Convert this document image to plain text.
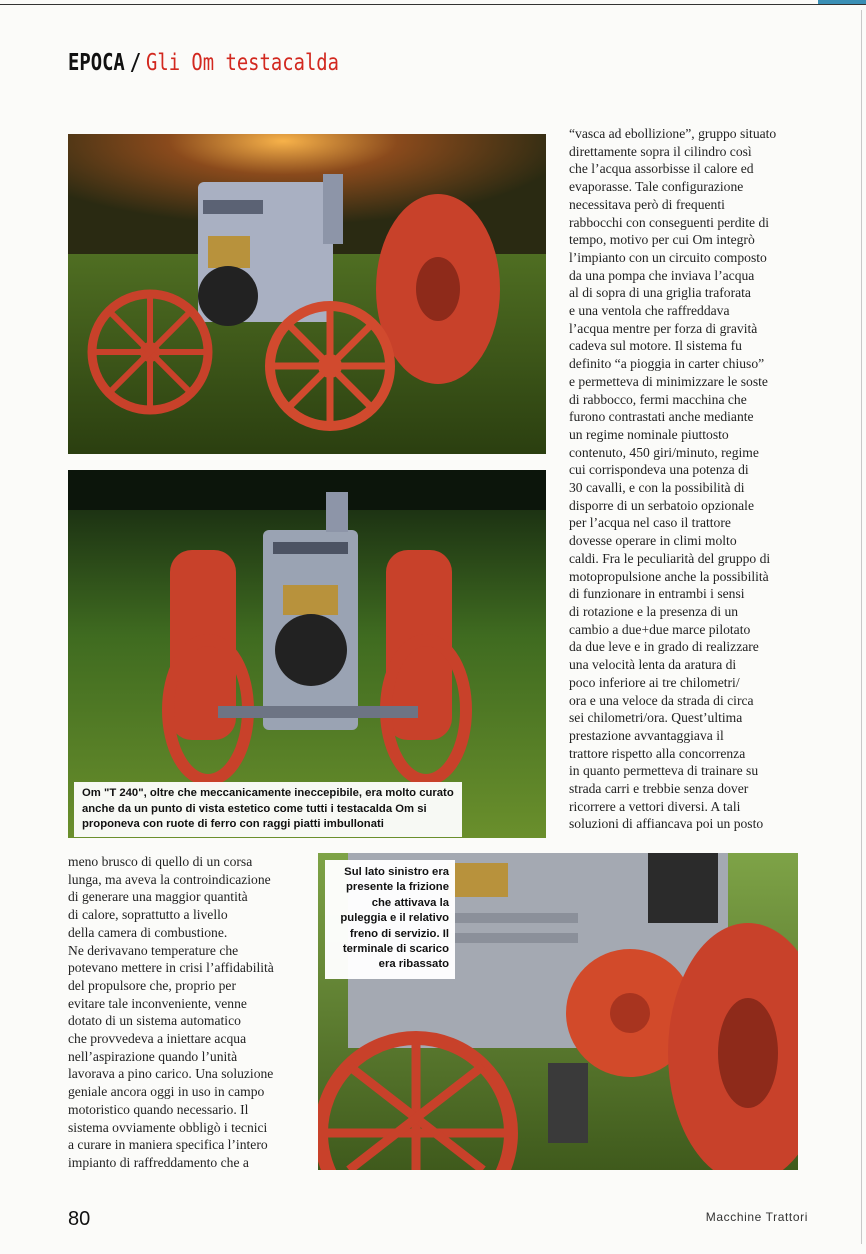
EPOCA / Gli Om testacalda
Om "T 240", oltre che meccanicamente ineccepibile, era molto curato anche da un punto di vista estetico come tutti i testacalda Om si proponeva con ruote di ferro con raggi piatti imbullonati
Sul lato sinistro era presente la frizione che attivava la puleggia e il relativo freno di servizio. Il terminale di scarico era ribassato

“vasca ad ebollizione”, gruppo situato
direttamente sopra il cilindro così
che l’acqua assorbisse il calore ed
evaporasse. Tale configurazione
necessitava però di frequenti
rabbocchi con conseguenti perdite di
tempo, motivo per cui Om integrò
l’impianto con un circuito composto
da una pompa che inviava l’acqua
al di sopra di una griglia traforata
e una ventola che raffreddava
l’acqua mentre per forza di gravità
cadeva sul motore. Il sistema fu
definito “a pioggia in carter chiuso”
e permetteva di minimizzare le soste
di rabbocco, fermi macchina che
furono contrastati anche mediante
un regime nominale piuttosto
contenuto, 450 giri/minuto, regime
cui corrispondeva una potenza di
30 cavalli, e con la possibilità di
disporre di un serbatoio opzionale
per l’acqua nel caso il trattore
dovesse operare in climi molto
caldi. Fra le peculiarità del gruppo di
motopropulsione anche la possibilità
di funzionare in entrambi i sensi
di rotazione e la presenza di un
cambio a due+due marce pilotato
da due leve e in grado di realizzare
una velocità lenta da aratura di
poco inferiore ai tre chilometri/
ora e una veloce da strada di circa
sei chilometri/ora. Quest’ultima
prestazione avvantaggiava il
trattore rispetto alla concorrenza
in quanto permetteva di trainare su
strada carri e trebbie senza dover
ricorrere a vettori diversi. A tali
soluzioni di affiancava poi un posto

meno brusco di quello di un corsa
lunga, ma aveva la controindicazione
di generare una maggior quantità
di calore, soprattutto a livello
della camera di combustione.
Ne derivavano temperature che
potevano mettere in crisi l’affidabilità
del propulsore che, proprio per
evitare tale inconveniente, venne
dotato di un sistema automatico
che provvedeva a iniettare acqua
nell’aspirazione quando l’unità
lavorava a pino carico. Una soluzione
geniale ancora oggi in uso in campo
motoristico quando necessario. Il
sistema ovviamente obbligò i tecnici
a curare in maniera specifica l’intero
impianto di raffreddamento che a

80	Macchine Trattori
